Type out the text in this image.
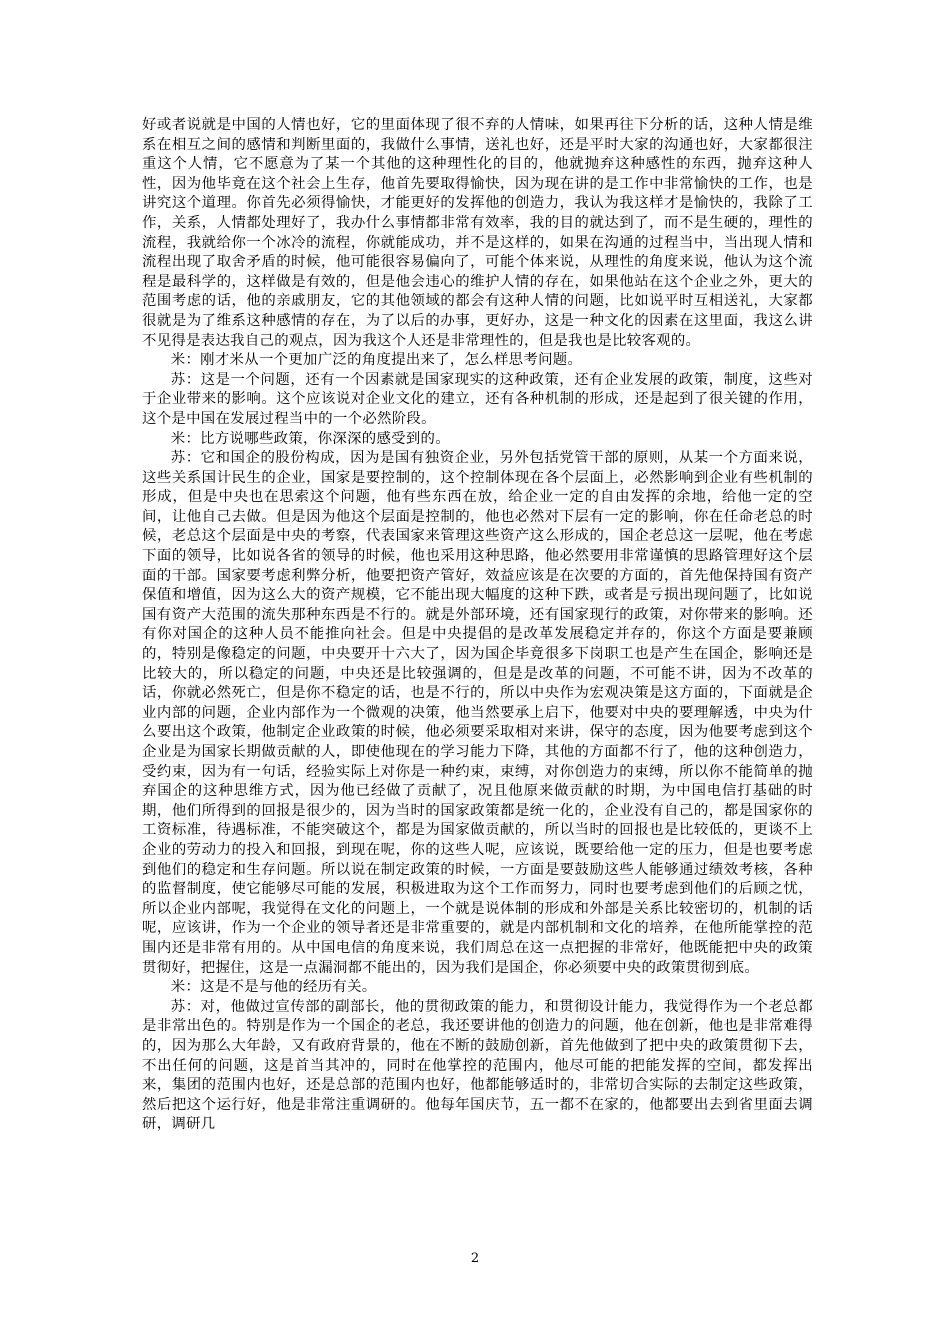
好或者说就是中国的人情也好，它的里面体现了很不弃的人情味，如果再往下分析的话，这种人情是维系在相互之间的感情和判断里面的，我做什么事情，送礼也好，还是平时大家的沟通也好，大家都很注重这个人情，它不愿意为了某一个其他的这种理性化的目的，他就抛弃这种感性的东西，抛弃这种人性，因为他毕竟在这个社会上生存，他首先要取得愉快，因为现在讲的是工作中非常愉快的工作，也是讲究这个道理。你首先必须得愉快，才能更好的发挥他的创造力，我认为我这样才是愉快的，我除了工作，关系，人情都处理好了，我办什么事情都非常有效率，我的目的就达到了，而不是生硬的，理性的流程，我就给你一个冰冷的流程，你就能成功，并不是这样的，如果在沟通的过程当中，当出现人情和流程出现了取舍矛盾的时候，他可能很容易偏向了，可能个体来说，从理性的角度来说，他认为这个流程是最科学的，这样做是有效的，但是他会违心的维护人情的存在，如果他站在这个企业之外，更大的范围考虑的话，他的亲戚朋友，它的其他领域的都会有这种人情的问题，比如说平时互相送礼，大家都很就是为了维系这种感情的存在，为了以后的办事，更好办，这是一种文化的因素在这里面，我这么讲不见得是表达我自己的观点，因为我这个人还是非常理性的，但是我也是比较客观的。

米：刚才米从一个更加广泛的角度提出来了，怎么样思考问题。

苏：这是一个问题，还有一个因素就是国家现实的这种政策，还有企业发展的政策，制度，这些对于企业带来的影响。这个应该说对企业文化的建立，还有各种机制的形成，还是起到了很关键的作用，这个是中国在发展过程当中的一个必然阶段。

米：比方说哪些政策，你深深的感受到的。

苏：它和国企的股份构成，因为是国有独资企业，另外包括党管干部的原则，从某一个方面来说，这些关系国计民生的企业，国家是要控制的，这个控制体现在各个层面上，必然影响到企业有些机制的形成，但是中央也在思索这个问题，他有些东西在放，给企业一定的自由发挥的余地，给他一定的空间，让他自己去做。但是因为他这个层面是控制的，他也必然对下层有一定的影响，你在任命老总的时候，老总这个层面是中央的考察，代表国家来管理这些资产这么形成的，国企老总这一层呢，他在考虑下面的领导，比如说各省的领导的时候，他也采用这种思路，他必然要用非常谨慎的思路管理好这个层面的干部。国家要考虑利弊分析，他要把资产管好，效益应该是在次要的方面的，首先他保持国有资产保值和增值，因为这么大的资产规模，它不能出现大幅度的这种下跌，或者是亏损出现问题了，比如说国有资产大范围的流失那种东西是不行的。就是外部环境，还有国家现行的政策，对你带来的影响。还有你对国企的这种人员不能推向社会。但是中央提倡的是改革发展稳定并存的，你这个方面是要兼顾的，特别是像稳定的问题，中央要开十六大了，因为国企毕竟很多下岗职工也是产生在国企，影响还是比较大的，所以稳定的问题，中央还是比较强调的，但是是改革的问题，不可能不讲，因为不改革的话，你就必然死亡，但是你不稳定的话，也是不行的，所以中央作为宏观决策是这方面的，下面就是企业内部的问题，企业内部作为一个微观的决策，他当然要承上启下，他要对中央的要理解透，中央为什么要出这个政策，他制定企业政策的时候，他必须要采取相对来讲，保守的态度，因为他要考虑到这个企业是为国家长期做贡献的人，即使他现在的学习能力下降，其他的方面都不行了，他的这种创造力，受约束，因为有一句话，经验实际上对你是一种约束，束缚，对你创造力的束缚，所以你不能简单的抛弃国企的这种思维方式，因为他已经做了贡献了，况且他原来做贡献的时期，为中国电信打基础的时期，他们所得到的回报是很少的，因为当时的国家政策都是统一化的，企业没有自己的，都是国家你的工资标准，待遇标准，不能突破这个，都是为国家做贡献的，所以当时的回报也是比较低的，更谈不上企业的劳动力的投入和回报，到现在呢，你的这些人呢，应该说，既要给他一定的压力，但是也要考虑到他们的稳定和生存问题。所以说在制定政策的时候，一方面是要鼓励这些人能够通过绩效考核，各种的监督制度，使它能够尽可能的发展，积极进取为这个工作而努力，同时也要考虑到他们的后顾之忧，所以企业内部呢，我觉得在文化的问题上，一个就是说体制的形成和外部是关系比较密切的，机制的话呢，应该讲，作为一个企业的领导者还是非常重要的，就是内部机制和文化的培养，在他所能掌控的范围内还是非常有用的。从中国电信的角度来说，我们周总在这一点把握的非常好，他既能把中央的政策贯彻好，把握住，这是一点漏洞都不能出的，因为我们是国企，你必须要中央的政策贯彻到底。

米：这是不是与他的经历有关。

苏：对，他做过宣传部的副部长，他的贯彻政策的能力，和贯彻设计能力，我觉得作为一个老总都是非常出色的。特别是作为一个国企的老总，我还要讲他的创造力的问题，他在创新，他也是非常难得的，因为那么大年龄，又有政府背景的，他在不断的鼓励创新，首先他做到了把中央的政策贯彻下去，不出任何的问题，这是首当其冲的，同时在他掌控的范围内，他尽可能的把能发挥的空间，都发挥出来，集团的范围内也好，还是总部的范围内也好，他都能够适时的，非常切合实际的去制定这些政策，然后把这个运行好，他是非常注重调研的。他每年国庆节，五一都不在家的，他都要出去到省里面去调研，调研几

2
